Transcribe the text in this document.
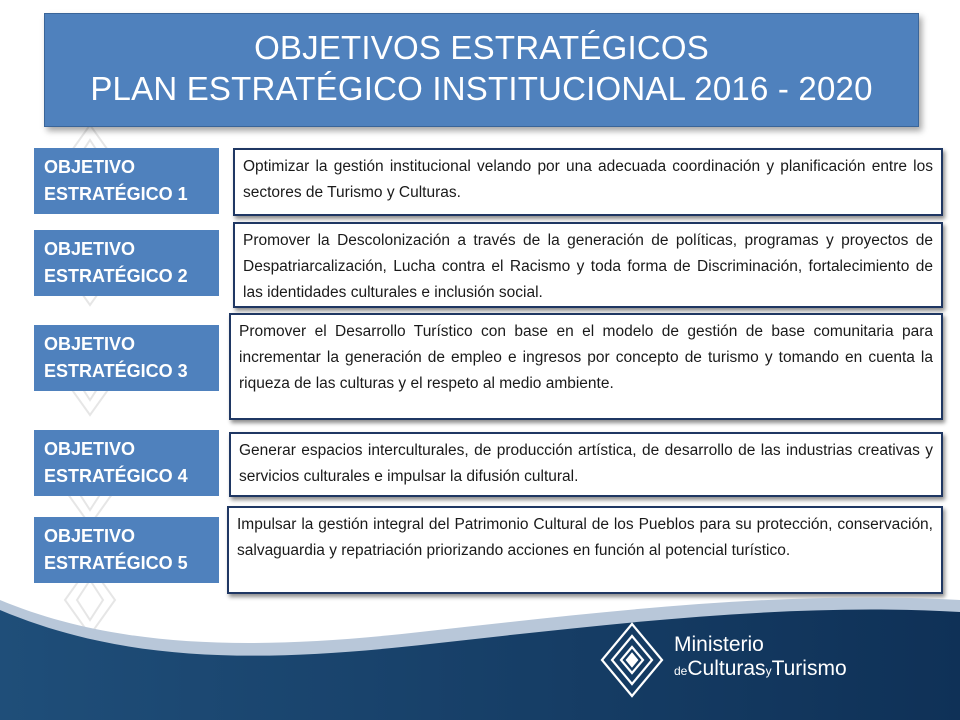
OBJETIVOS ESTRATÉGICOS
PLAN ESTRATÉGICO INSTITUCIONAL 2016 - 2020
OBJETIVO
ESTRATÉGICO 1
Optimizar la gestión institucional velando por una adecuada coordinación y planificación entre los sectores de Turismo y Culturas.
OBJETIVO
ESTRATÉGICO 2
Promover la Descolonización a través de la generación de políticas, programas y proyectos de Despatriarcalización, Lucha contra el Racismo y toda forma de Discriminación, fortalecimiento de las identidades culturales e inclusión social.
OBJETIVO
ESTRATÉGICO 3
Promover el Desarrollo Turístico con base en el modelo de gestión de base comunitaria para incrementar la generación de empleo e ingresos por concepto de turismo y tomando en cuenta la riqueza de las culturas y el respeto al medio ambiente.
OBJETIVO
ESTRATÉGICO 4
Generar espacios interculturales, de producción artística, de desarrollo de las industrias creativas y servicios culturales e impulsar la difusión cultural.
OBJETIVO
ESTRATÉGICO 5
Impulsar la gestión integral del Patrimonio Cultural de los Pueblos para su protección, conservación, salvaguardia y repatriación priorizando acciones en función al potencial turístico.
Ministerio
deCulturasyTurismo
